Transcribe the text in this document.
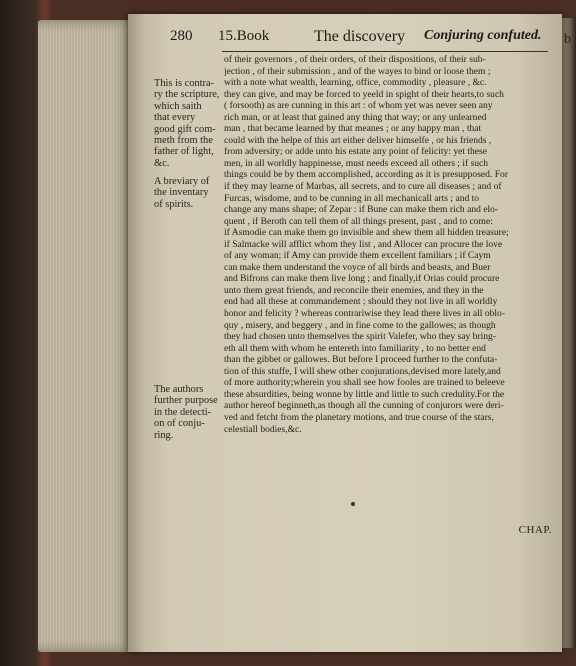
b
280 15.Book	The discovery Conjuring confuted.
This is contra-
ry the scripture,
which saith
that every
good gift com-
meth from the
father of light,
&c.
A breviary of
the inventary
of spirits.
The authors
further purpose
in the detecti-
on of conju-
ring.
of their governors , of their orders, of their dispositions, of their sub-
jection , of their submission , and of the wayes to bind or loose them ;
with a note what wealth, learning, office, commodity , pleasure , &c.
they can give, and may be forced to yeeld in spight of their hearts,to such
( forsooth) as are cunning in this art : of whom yet was never seen any
rich man, or at least that gained any thing that way; or any unlearned
man , that became learned by that meanes ; or any happy man , that
could with the helpe of this art either deliver himselfe , or his friends ,
from adversity; or adde unto his estate any point of felicity: yet these
men, in all worldly happinesse, must needs exceed all others ; if such
things could be by them accomplished, according as it is presupposed. For
if they may learne of Marbas, all secrets, and to cure all diseases ; and of
Furcas, wisdome, and to be cunning in all mechanicall arts ; and to
change any mans shape; of Zepar : if Bune can make them rich and elo-
quent , if Beroth can tell them of all things present, past , and to come:
if Asmodie can make them go invisible and shew them all hidden treasure;
if Salmacke will afflict whom they list , and Allocer can procure the love
of any woman; if Amy can provide them excellent familiars ; if Caym
can make them understand the voyce of all birds and beasts, and Buer
and Bifrons can make them live long ; and finally,if Orias could procure
unto them great friends, and reconcile their enemies, and they in the
end had all these at commandement ; should they not live in all worldly
honor and felicity ? whereas contrariwise they lead there lives in all oblo-
quy , misery, and beggery , and in fine come to the gallowes; as though
they had chosen unto themselves the spirit Valefer, who they say bring-
eth all them with whom he entereth into familiarity , to no better end
than the gibbet or gallowes. But before I proceed further to the confuta-
tion of this stuffe, I will shew other conjurations,devised more lately,and
of more authority;wherein you shall see how fooles are trained to beleeve
these absurdities, being wonne by little and little to such credulity.For the
author hereof beginneth,as though all the cunning of conjurors were deri-
ved and fetcht from the planetary motions, and true course of the stars,
celestiall bodies,&c.
CHAP.
